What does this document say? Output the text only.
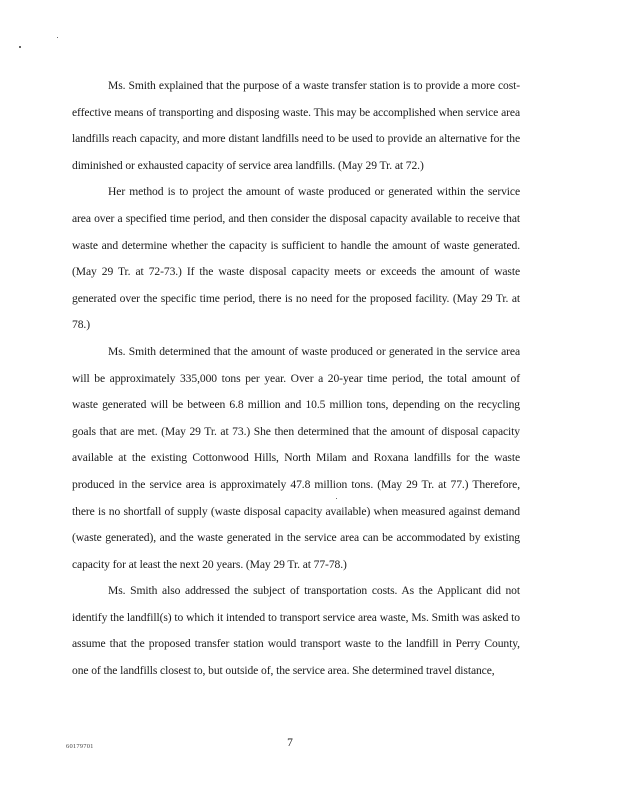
Ms. Smith explained that the purpose of a waste transfer station is to provide a more cost-effective means of transporting and disposing waste. This may be accomplished when service area landfills reach capacity, and more distant landfills need to be used to provide an alternative for the diminished or exhausted capacity of service area landfills. (May 29 Tr. at 72.)

Her method is to project the amount of waste produced or generated within the service area over a specified time period, and then consider the disposal capacity available to receive that waste and determine whether the capacity is sufficient to handle the amount of waste generated. (May 29 Tr. at 72-73.) If the waste disposal capacity meets or exceeds the amount of waste generated over the specific time period, there is no need for the proposed facility. (May 29 Tr. at 78.)

Ms. Smith determined that the amount of waste produced or generated in the service area will be approximately 335,000 tons per year. Over a 20-year time period, the total amount of waste generated will be between 6.8 million and 10.5 million tons, depending on the recycling goals that are met. (May 29 Tr. at 73.) She then determined that the amount of disposal capacity available at the existing Cottonwood Hills, North Milam and Roxana landfills for the waste produced in the service area is approximately 47.8 million tons. (May 29 Tr. at 77.) Therefore, there is no shortfall of supply (waste disposal capacity available) when measured against demand (waste generated), and the waste generated in the service area can be accommodated by existing capacity for at least the next 20 years. (May 29 Tr. at 77-78.)

Ms. Smith also addressed the subject of transportation costs. As the Applicant did not identify the landfill(s) to which it intended to transport service area waste, Ms. Smith was asked to assume that the proposed transfer station would transport waste to the landfill in Perry County, one of the landfills closest to, but outside of, the service area. She determined travel distance,

60179701	7
